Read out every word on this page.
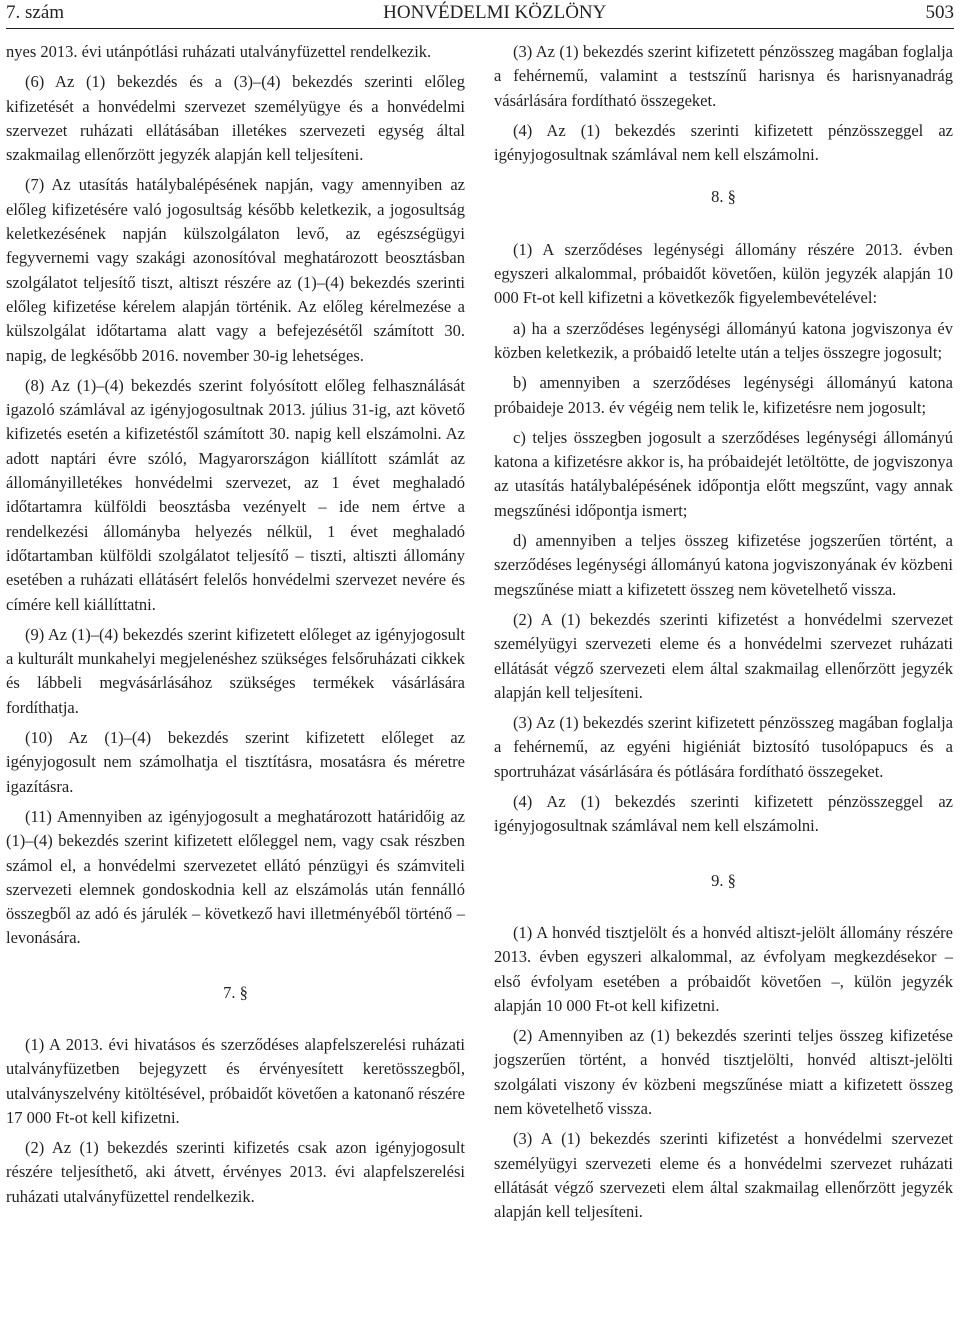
7. szám	HONVÉDELMI KÖZLÖNY	503

nyes 2013. évi utánpótlási ruházati utalványfüzettel rendelkezik.

(6) Az (1) bekezdés és a (3)–(4) bekezdés szerinti előleg kifizetését a honvédelmi szervezet személyügye és a honvédelmi szervezet ruházati ellátásában illetékes szervezeti egység által szakmailag ellenőrzött jegyzék alapján kell teljesíteni.

(7) Az utasítás hatálybalépésének napján, vagy amennyiben az előleg kifizetésére való jogosultság később keletkezik, a jogosultság keletkezésének napján külszolgálaton levő, az egészségügyi fegyvernemi vagy szakági azonosítóval meghatározott beosztásban szolgálatot teljesítő tiszt, altiszt részére az (1)–(4) bekezdés szerinti előleg kifizetése kérelem alapján történik. Az előleg kérelmezése a külszolgálat időtartama alatt vagy a befejezésétől számított 30. napig, de legkésőbb 2016. november 30-ig lehetséges.

(8) Az (1)–(4) bekezdés szerint folyósított előleg felhasználását igazoló számlával az igényjogosultnak 2013. július 31-ig, azt követő kifizetés esetén a kifizetéstől számított 30. napig kell elszámolni. Az adott naptári évre szóló, Magyarországon kiállított számlát az állományilletékes honvédelmi szervezet, az 1 évet meghaladó időtartamra külföldi beosztásba vezényelt – ide nem értve a rendelkezési állományba helyezés nélkül, 1 évet meghaladó időtartamban külföldi szolgálatot teljesítő – tiszti, altiszti állomány esetében a ruházati ellátásért felelős honvédelmi szervezet nevére és címére kell kiállíttatni.

(9) Az (1)–(4) bekezdés szerint kifizetett előleget az igényjogosult a kulturált munkahelyi megjelenéshez szükséges felsőruházati cikkek és lábbeli megvásárlásához szükséges termékek vásárlására fordíthatja.

(10) Az (1)–(4) bekezdés szerint kifizetett előleget az igényjogosult nem számolhatja el tisztításra, mosatásra és méretre igazításra.

(11) Amennyiben az igényjogosult a meghatározott határidőig az (1)–(4) bekezdés szerint kifizetett előleggel nem, vagy csak részben számol el, a honvédelmi szervezetet ellátó pénzügyi és számviteli szervezeti elemnek gondoskodnia kell az elszámolás után fennálló összegből az adó és járulék – következő havi illetményéből történő – levonására.

7. §

(1) A 2013. évi hivatásos és szerződéses alapfelszerelési ruházati utalványfüzetben bejegyzett és érvényesített keretösszegből, utalványszelvény kitöltésével, próbaidőt követően a katonanő részére 17 000 Ft-ot kell kifizetni.

(2) Az (1) bekezdés szerinti kifizetés csak azon igényjogosult részére teljesíthető, aki átvett, érvényes 2013. évi alapfelszerelési ruházati utalványfüzettel rendelkezik.

(3) Az (1) bekezdés szerint kifizetett pénzösszeg magában foglalja a fehérnemű, valamint a testszínű harisnya és harisnyanadrág vásárlására fordítható összegeket.

(4) Az (1) bekezdés szerinti kifizetett pénzösszeggel az igényjogosultnak számlával nem kell elszámolni.

8. §

(1) A szerződéses legénységi állomány részére 2013. évben egyszeri alkalommal, próbaidőt követően, külön jegyzék alapján 10 000 Ft-ot kell kifizetni a következők figyelembevételével:

a) ha a szerződéses legénységi állományú katona jogviszonya év közben keletkezik, a próbaidő letelte után a teljes összegre jogosult;

b) amennyiben a szerződéses legénységi állományú katona próbaideje 2013. év végéig nem telik le, kifizetésre nem jogosult;

c) teljes összegben jogosult a szerződéses legénységi állományú katona a kifizetésre akkor is, ha próbaidejét letöltötte, de jogviszonya az utasítás hatálybalépésének időpontja előtt megszűnt, vagy annak megszűnési időpontja ismert;

d) amennyiben a teljes összeg kifizetése jogszerűen történt, a szerződéses legénységi állományú katona jogviszonyának év közbeni megszűnése miatt a kifizetett összeg nem követelhető vissza.

(2) A (1) bekezdés szerinti kifizetést a honvédelmi szervezet személyügyi szervezeti eleme és a honvédelmi szervezet ruházati ellátását végző szervezeti elem által szakmailag ellenőrzött jegyzék alapján kell teljesíteni.

(3) Az (1) bekezdés szerint kifizetett pénzösszeg magában foglalja a fehérnemű, az egyéni higiéniát biztosító tusolópapucs és a sportruházat vásárlására és pótlására fordítható összegeket.

(4) Az (1) bekezdés szerinti kifizetett pénzösszeggel az igényjogosultnak számlával nem kell elszámolni.

9. §

(1) A honvéd tisztjelölt és a honvéd altiszt-jelölt állomány részére 2013. évben egyszeri alkalommal, az évfolyam megkezdésekor – első évfolyam esetében a próbaidőt követően –, külön jegyzék alapján 10 000 Ft-ot kell kifizetni.

(2) Amennyiben az (1) bekezdés szerinti teljes összeg kifizetése jogszerűen történt, a honvéd tisztjelölti, honvéd altiszt-jelölti szolgálati viszony év közbeni megszűnése miatt a kifizetett összeg nem követelhető vissza.

(3) A (1) bekezdés szerinti kifizetést a honvédelmi szervezet személyügyi szervezeti eleme és a honvédelmi szervezet ruházati ellátását végző szervezeti elem által szakmailag ellenőrzött jegyzék alapján kell teljesíteni.
